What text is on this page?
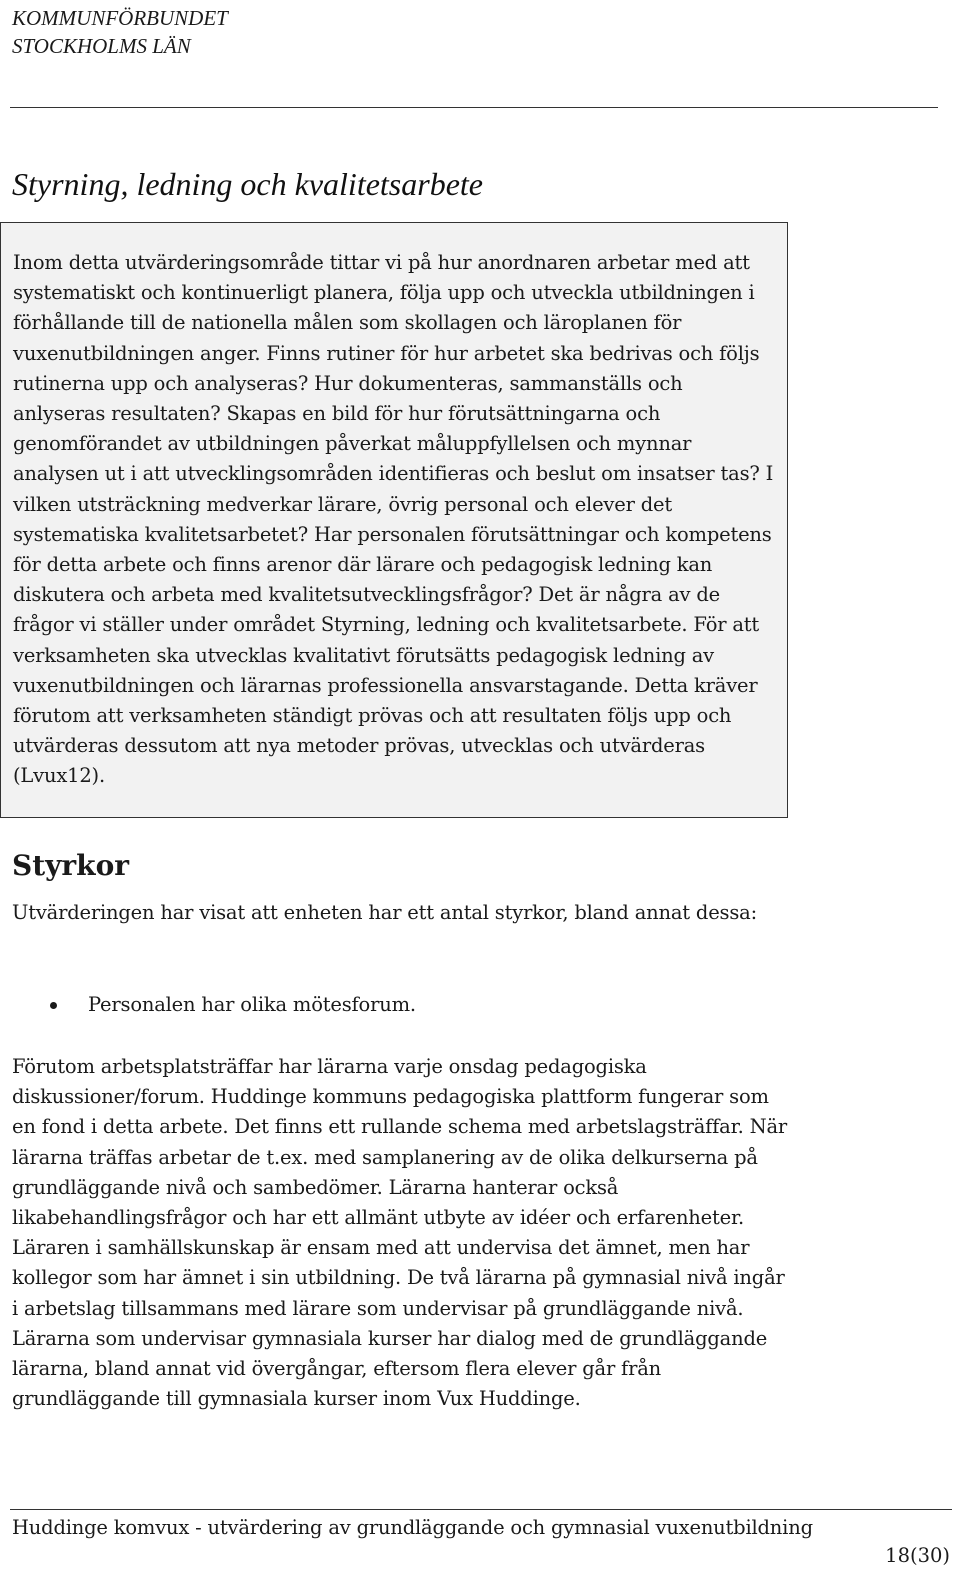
KOMMUNFÖRBUNDET
STOCKHOLMS LÄN
Styrning, ledning och kvalitetsarbete

Inom detta utvärderingsområde tittar vi på hur anordnaren arbetar med att systematiskt och kontinuerligt planera, följa upp och utveckla utbildningen i förhållande till de nationella målen som skollagen och läroplanen för vuxenutbildningen anger. Finns rutiner för hur arbetet ska bedrivas och följs rutinerna upp och analyseras? Hur dokumenteras, sammanställs och anlyseras resultaten? Skapas en bild för hur förutsättningarna och genomförandet av utbildningen påverkat måluppfyllelsen och mynnar analysen ut i att utvecklingsområden identifieras och beslut om insatser tas? I vilken utsträckning medverkar lärare, övrig personal och elever det systematiska kvalitetsarbetet? Har personalen förutsättningar och kompetens för detta arbete och finns arenor där lärare och pedagogisk ledning kan diskutera och arbeta med kvalitetsutvecklingsfrågor? Det är några av de frågor vi ställer under området Styrning, ledning och kvalitetsarbete. För att verksamheten ska utvecklas kvalitativt förutsätts pedagogisk ledning av vuxenutbildningen och lärarnas professionella ansvarstagande. Detta kräver förutom att verksamheten ständigt prövas och att resultaten följs upp och utvärderas dessutom att nya metoder prövas, utvecklas och utvärderas (Lvux12).

Styrkor

Utvärderingen har visat att enheten har ett antal styrkor, bland annat dessa:

Personalen har olika mötesforum.

Förutom arbetsplatsträffar har lärarna varje onsdag pedagogiska diskussioner/forum. Huddinge kommuns pedagogiska plattform fungerar som en fond i detta arbete. Det finns ett rullande schema med arbetslagsträffar. När lärarna träffas arbetar de t.ex. med samplanering av de olika delkurserna på grundläggande nivå och sambedömer. Lärarna hanterar också likabehandlingsfrågor och har ett allmänt utbyte av idéer och erfarenheter. Läraren i samhällskunskap är ensam med att undervisa det ämnet, men har kollegor som har ämnet i sin utbildning. De två lärarna på gymnasial nivå ingår i arbetslag tillsammans med lärare som undervisar på grundläggande nivå. Lärarna som undervisar gymnasiala kurser har dialog med de grundläggande lärarna, bland annat vid övergångar, eftersom flera elever går från grundläggande till gymnasiala kurser inom Vux Huddinge.

Huddinge komvux - utvärdering av grundläggande och gymnasial vuxenutbildning
18(30)
